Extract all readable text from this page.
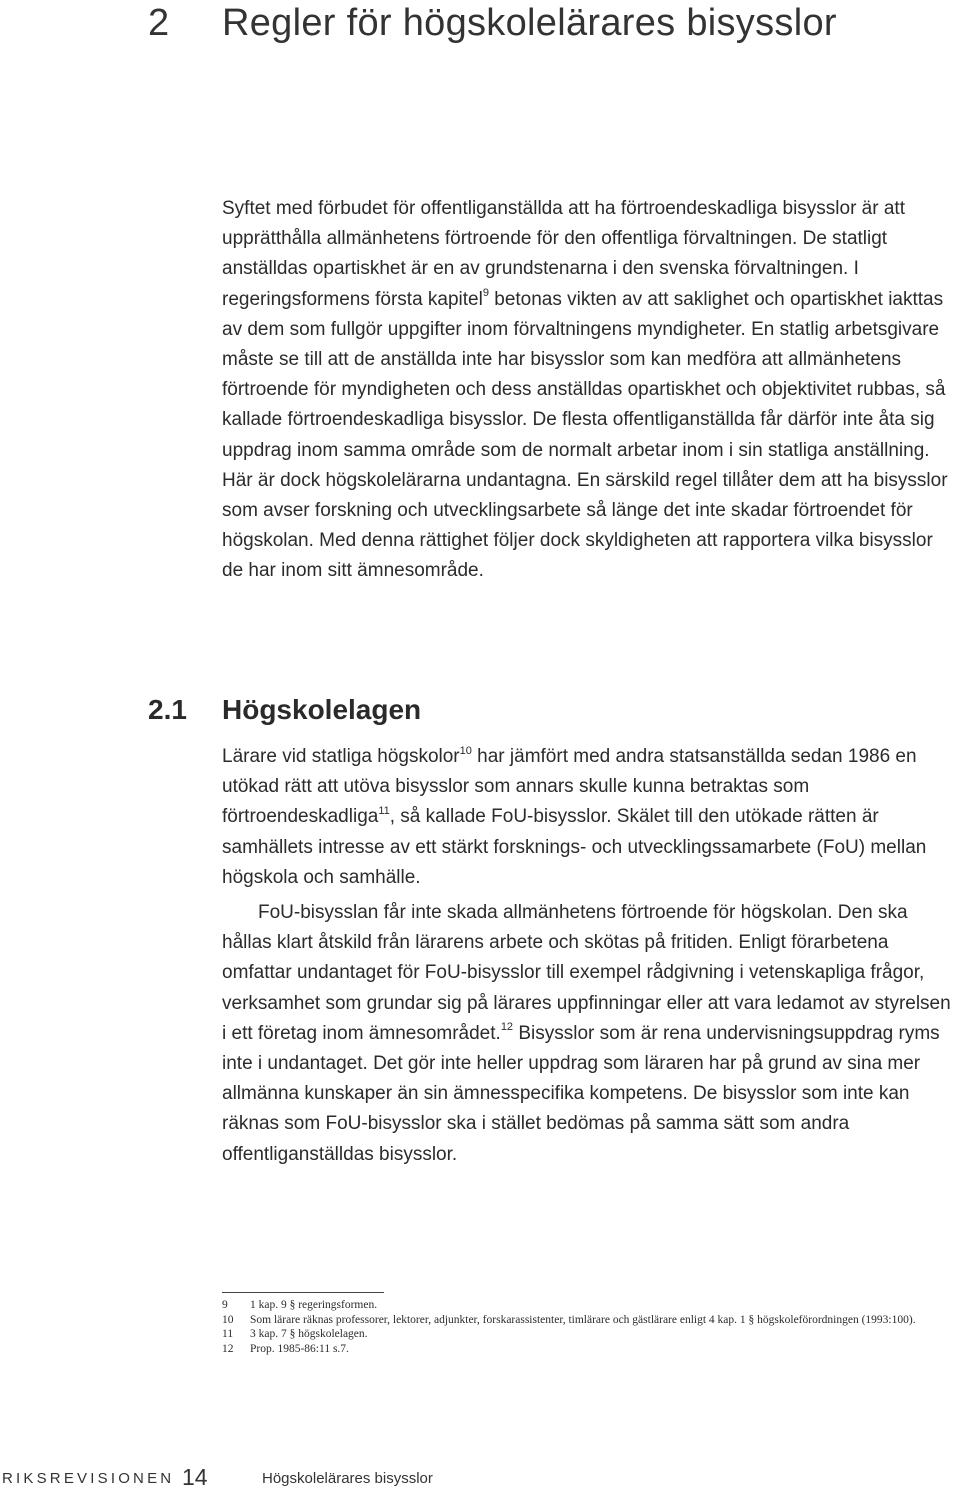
2 Regler för högskolelärares bisysslor

Syftet med förbudet för offentliganställda att ha förtroendeskadliga bisysslor är att upprätthålla allmänhetens förtroende för den offentliga förvaltningen. De statligt anställdas opartiskhet är en av grundstenarna i den svenska förvaltningen. I regeringsformens första kapitel$^9$ betonas vikten av att saklighet och opartiskhet iakttas av dem som fullgör uppgifter inom förvaltningens myndigheter. En statlig arbetsgivare måste se till att de anställda inte har bisysslor som kan medföra att allmänhetens förtroende för myndigheten och dess anställdas opartiskhet och objektivitet rubbas, så kallade förtroendeskadliga bisysslor. De flesta offentliganställda får därför inte åta sig uppdrag inom samma område som de normalt arbetar inom i sin statliga anställning. Här är dock högskolelärarna undantagna. En särskild regel tillåter dem att ha bisysslor som avser forskning och utvecklingsarbete så länge det inte skadar förtroendet för högskolan. Med denna rättighet följer dock skyldigheten att rapportera vilka bisysslor de har inom sitt ämnesområde.

2.1 Högskolelagen

Lärare vid statliga högskolor$^{10}$ har jämfört med andra statsanställda sedan 1986 en utökad rätt att utöva bisysslor som annars skulle kunna betraktas som förtroendeskadliga$^{11}$, så kallade FoU-bisysslor. Skälet till den utökade rätten är samhällets intresse av ett stärkt forsknings- och utvecklingssamarbete (FoU) mellan högskola och samhälle.

FoU-bisysslan får inte skada allmänhetens förtroende för högskolan. Den ska hållas klart åtskild från lärarens arbete och skötas på fritiden. Enligt förarbetena omfattar undantaget för FoU-bisysslor till exempel rådgivning i vetenskapliga frågor, verksamhet som grundar sig på lärares uppfinningar eller att vara ledamot av styrelsen i ett företag inom ämnesområdet.$^{12}$ Bisysslor som är rena undervisningsuppdrag ryms inte i undantaget. Det gör inte heller uppdrag som läraren har på grund av sina mer allmänna kunskaper än sin ämnesspecifika kompetens. De bisysslor som inte kan räknas som FoU-bisysslor ska i stället bedömas på samma sätt som andra offentliganställdas bisysslor.

9 1 kap. 9 § regeringsformen.

10 Som lärare räknas professorer, lektorer, adjunkter, forskarassistenter, timlärare och gästlärare enligt 4 kap. 1 § högskoleförordningen (1993:100).

11 3 kap. 7 § högskolelagen.

12 Prop. 1985-86:11 s.7.

RIKSREVISIONEN 14	Högskolelärares bisysslor
